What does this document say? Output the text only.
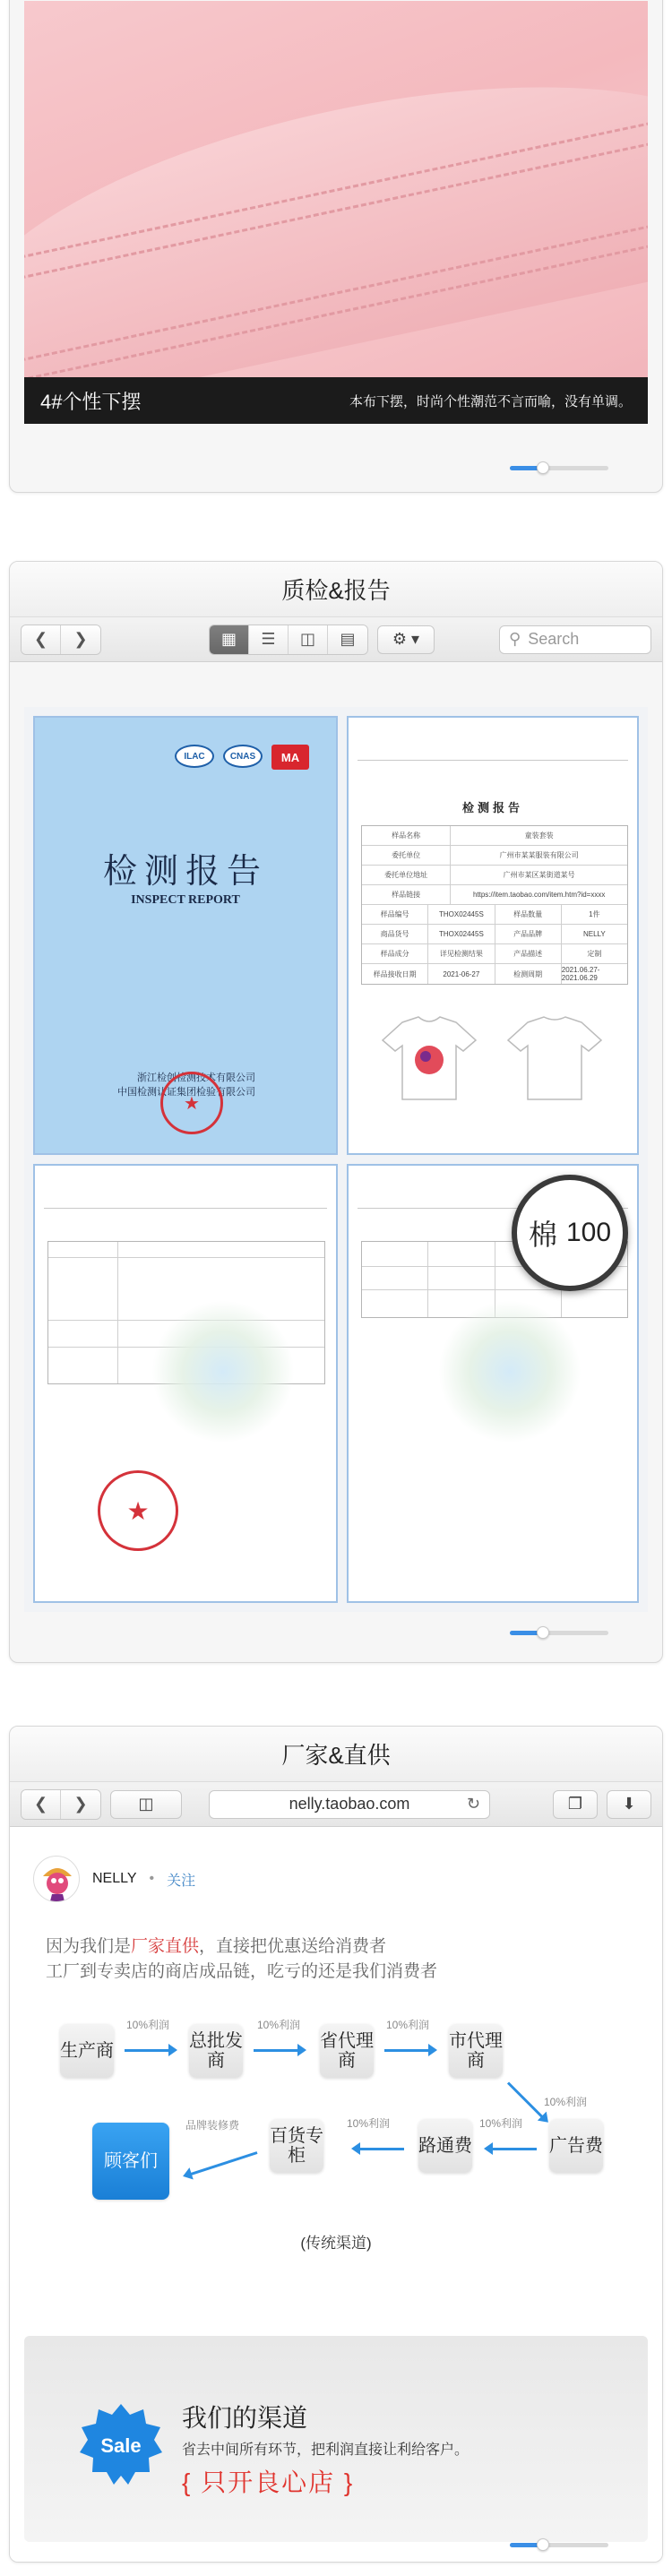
4#个性下摆	本布下摆，时尚个性潮范不言而喻，没有单调。
质检&报告
❮	❯	▦	☰	◫	▤	⚙ ▾	⚲ Search
ILAC	CNAS	MA
检测报告
INSPECT REPORT
浙江检创检测技术有限公司
中国检测认证集团检验有限公司
★
检测报告
样品名称	童装套装
委托单位	广州市某某服装有限公司
委托单位地址	广州市某区某街道某号
样品链接	https://item.taobao.com/item.htm?id=xxxx
样品编号	THOX02445S	样品数量	1件
商品货号	THOX02445S	产品品牌	NELLY
样品成分	详见检测结果	产品描述	定制
样品接收日期	2021-06-27	检测周期	2021.06.27-2021.06.29
★
棉 100
厂家&直供
❮	❯	◫	nelly.taobao.com	↻	❐	⬇
NELLY • 关注
因为我们是厂家直供，直接把优惠送给消费者
工厂到专卖店的商店成品链，吃亏的还是我们消费者
生产商
10%利润
总批发商
10%利润
省代理商
10%利润
市代理商
10%利润
广告费
10%利润
路通费
10%利润
百货专柜
品牌装修费
顾客们
(传统渠道)
Sale
我们的渠道
省去中间所有环节，把利润直接让利给客户。
{ 只开良心店 }
